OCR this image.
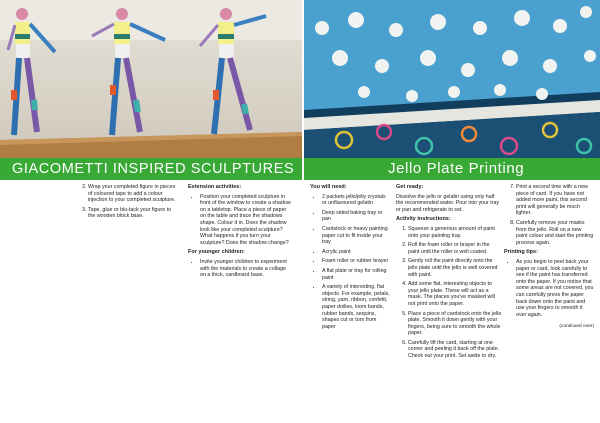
GIACOMETTI INSPIRED SCULPTURES
2. Wrap your completed figure in pieces of coloured tape to add a colour injection to your completed sculpture.
3. Tape, glue or blu-tack your figure to the wooden block base.
Extension activities:
• Position your completed sculpture in front of the window to create a shadow on a tabletop. Place a piece of paper on the table and trace the shadows shape. Colour it in. Does the shadow look like your completed sculpture? What happens if you turn your sculpture? Does the shadow change?
For younger children:
• Invite younger children to experiment with the materials to create a collage on a thick, cardboard base.
Jello Plate Printing
You will need:
• 2 packets jello/jelly crystals or unflavoured gelatin
• Deep sided baking tray or pan
• Cardstock or heavy painting paper cut to fit inside your tray
• Acrylic paint
• Foam roller or rubber brayer
• A flat plate or tray for rolling paint
• A variety of interesting, flat objects. For example, petals, string, yarn, ribbon, confetti, paper doilies, loom bands, rubber bands, sequins, shapes cut or torn from paper
Get ready:
Dissolve the jello or gelatin using only half the recommended water. Pour into your tray or pan and refrigerate to set.
Activity instructions:
1. Squeeze a generous amount of paint onto your painting tray.
2. Roll the foam roller or brayer in the paint until the roller is well coated.
3. Gently roll the paint directly onto the jello plate until the jello is well covered with paint.
4. Add some flat, interesting objects to your jello plate. These will act as a mask. The places you've masked will not print onto the paper.
5. Place a piece of cardstock onto the jello plate. Smooth it down gently with your fingers, being sure to smooth the whole paper.
6. Carefully lift the card, starting at one corner and peeling it back off the plate. Check out your print. Set aside to dry.
7. Print a second time with a new piece of card. If you have not added more paint, this second print will generally be much lighter.
8. Carefully remove your masks from the jello. Roll on a new paint colour and start the printing process again.
Printing tips:
• As you begin to peel back your paper or card, look carefully to see if the paint has transferred onto the paper. If you notice that some areas are not covered, you can carefully press the paper back down onto the paint and use your fingers to smooth it over again.
(continued over)
